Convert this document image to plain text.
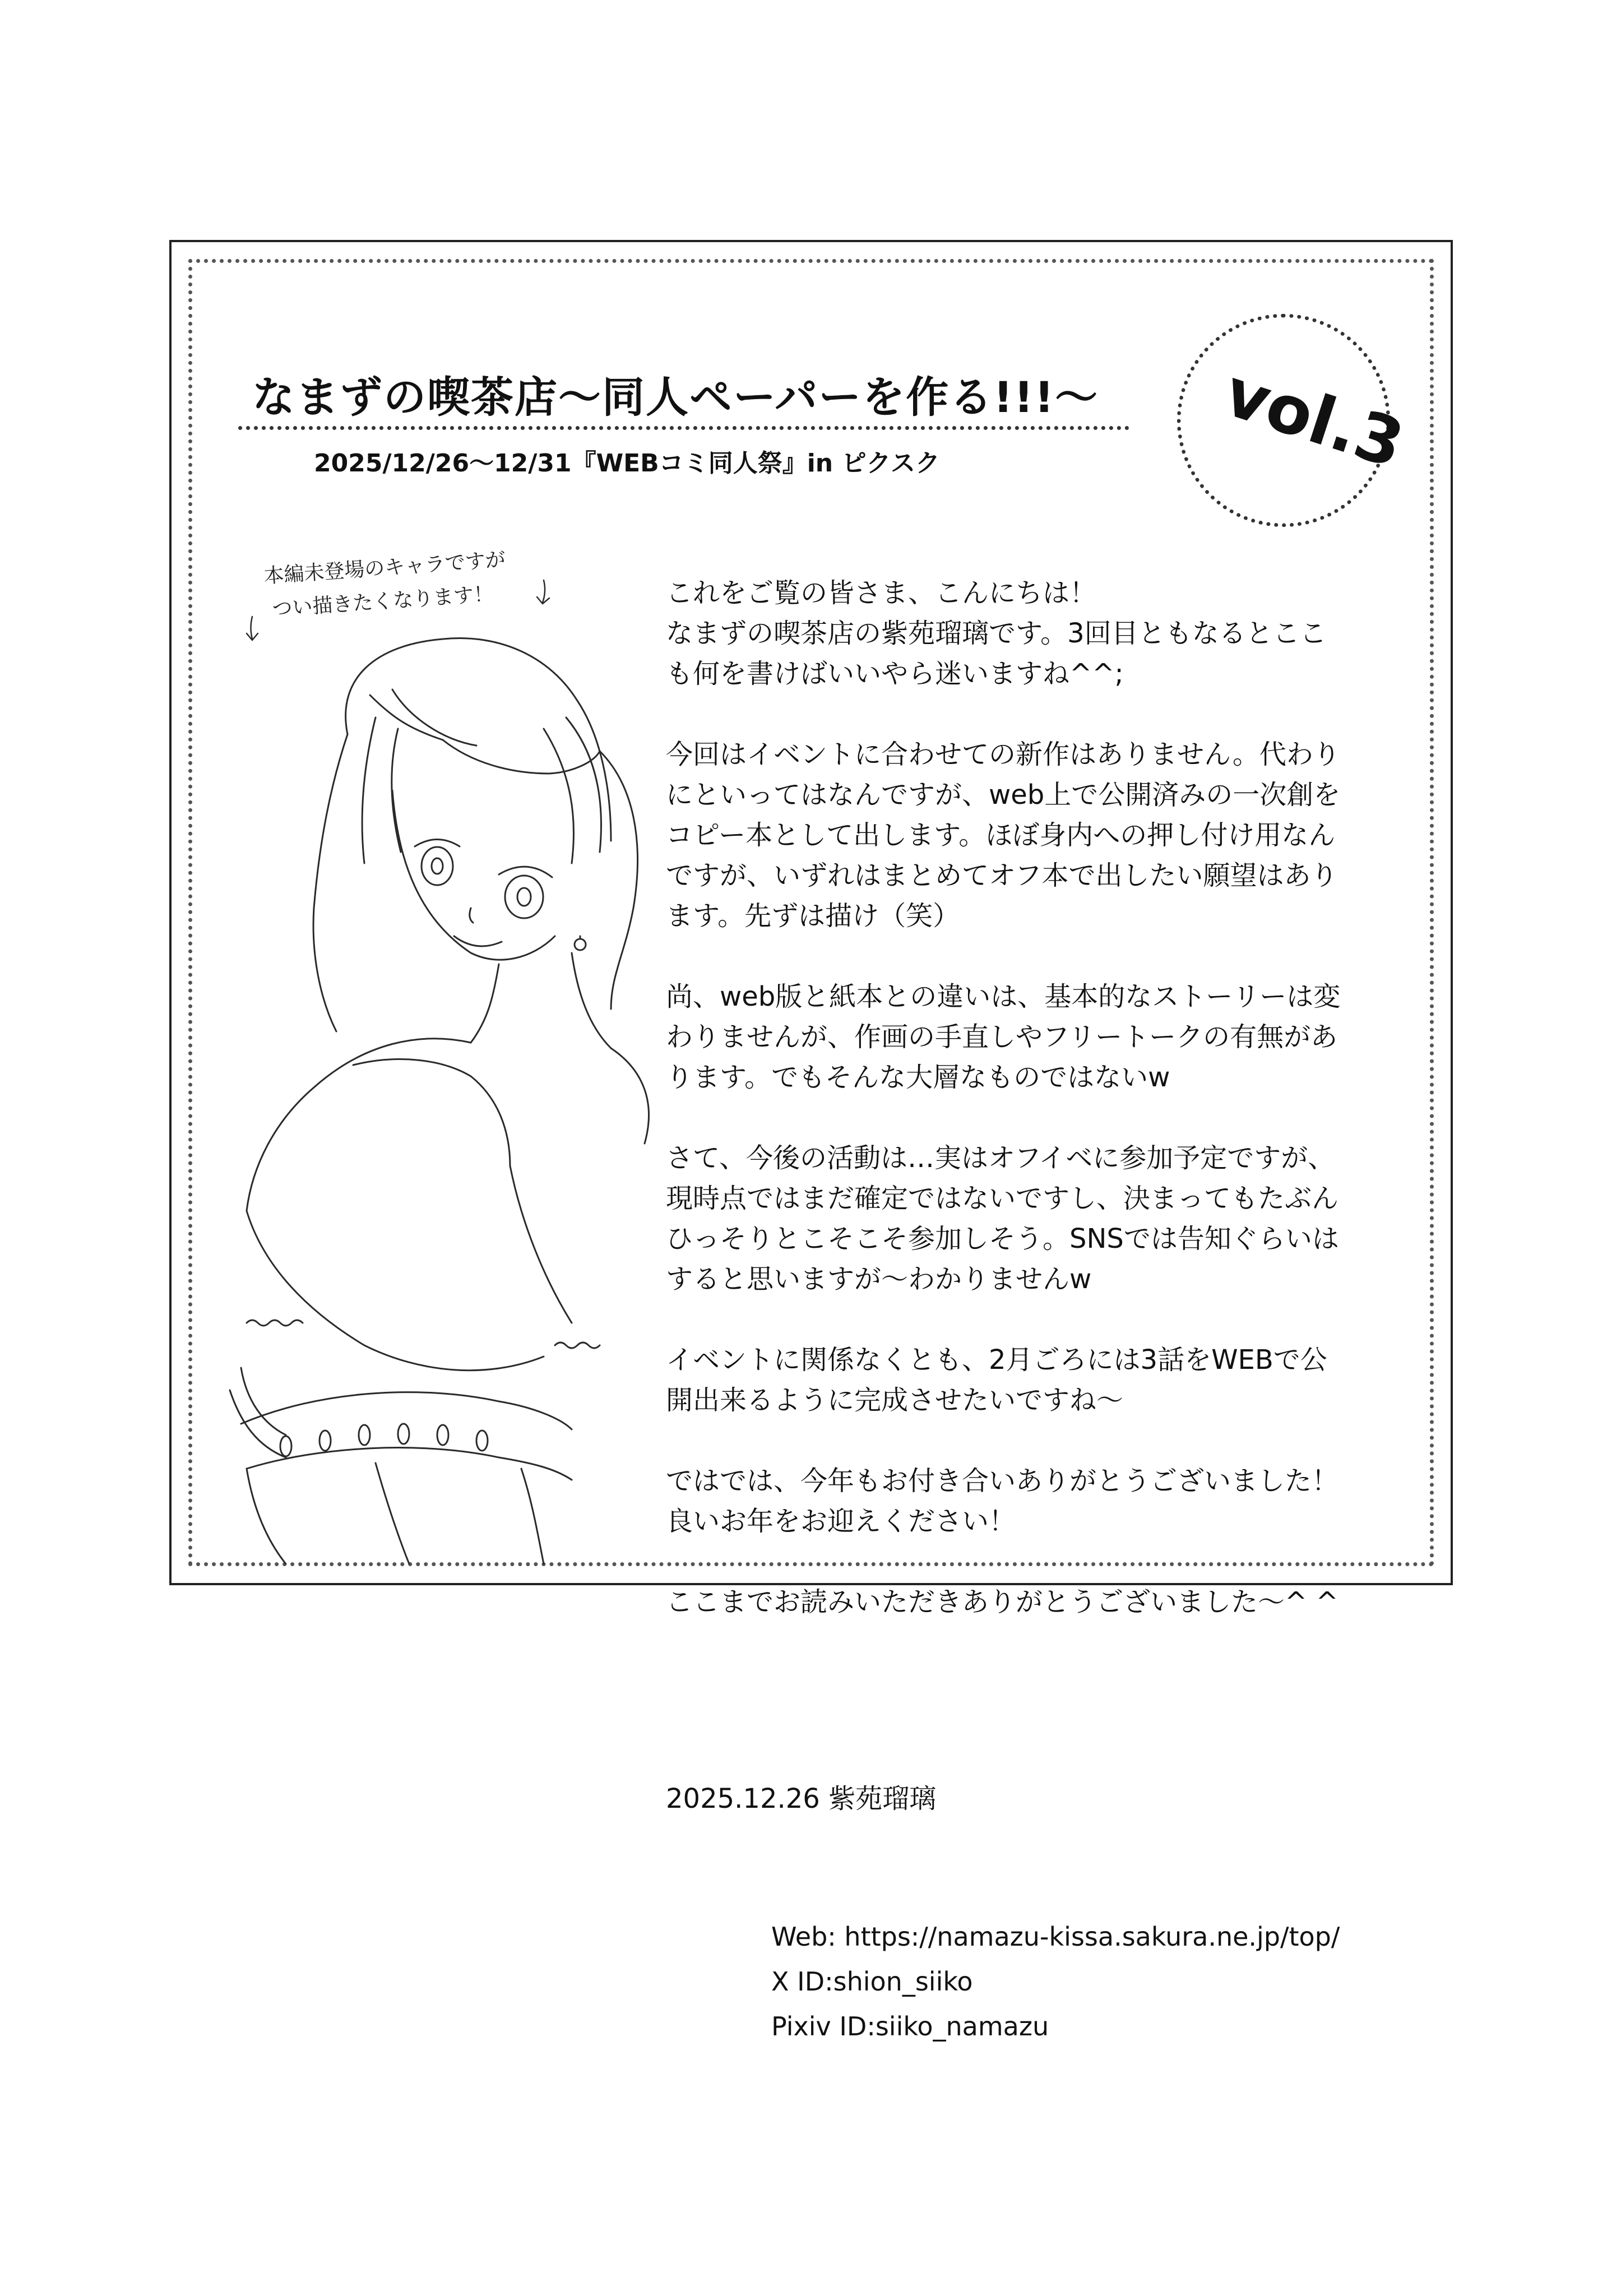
なまずの喫茶店〜同人ペーパーを作る!!!〜
2025/12/26〜12/31『WEBコミ同人祭』in ピクスク	vol.3
本編未登場のキャラですが
つい描きたくなります！	これをご覧の皆さま、こんにちは！
なまずの喫茶店の紫苑瑠璃です。3回目ともなるとここ
も何を書けばいいやら迷いますね^^;
今回はイベントに合わせての新作はありません。代わり
にといってはなんですが、web上で公開済みの一次創を
コピー本として出します。ほぼ身内への押し付け用なん
ですが、いずれはまとめてオフ本で出したい願望はあり
ます。先ずは描け（笑）
尚、web版と紙本との違いは、基本的なストーリーは変
わりませんが、作画の手直しやフリートークの有無があ
ります。でもそんな大層なものではないw
さて、今後の活動は…実はオフイベに参加予定ですが、
現時点ではまだ確定ではないですし、決まってもたぶん
ひっそりとこそこそ参加しそう。SNSでは告知ぐらいは
すると思いますが〜わかりませんw
イベントに関係なくとも、2月ごろには3話をWEBで公
開出来るように完成させたいですね〜
ではでは、今年もお付き合いありがとうございました！
良いお年をお迎えください！
ここまでお読みいただきありがとうございました〜^ ^
2025.12.26 紫苑瑠璃
Web: https://namazu-kissa.sakura.ne.jp/top/
X ID:shion_siiko
Pixiv ID:siiko_namazu
